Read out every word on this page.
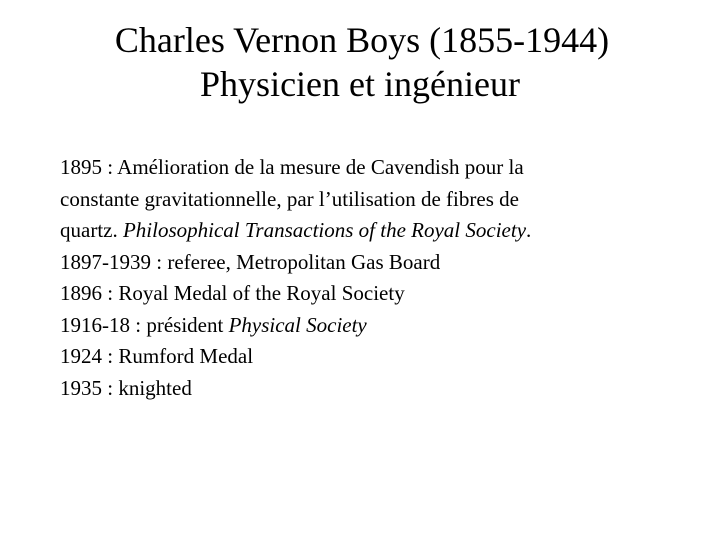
Charles Vernon Boys (1855-1944)
Physicien et ingénieur
1895 : Amélioration de la mesure de Cavendish pour la
constante gravitationnelle, par l’utilisation de fibres de
quartz. Philosophical Transactions of the Royal Society.
1897-1939 : referee, Metropolitan Gas Board
1896 : Royal Medal of the Royal Society
1916-18 : président Physical Society
1924 : Rumford Medal
1935 : knighted
